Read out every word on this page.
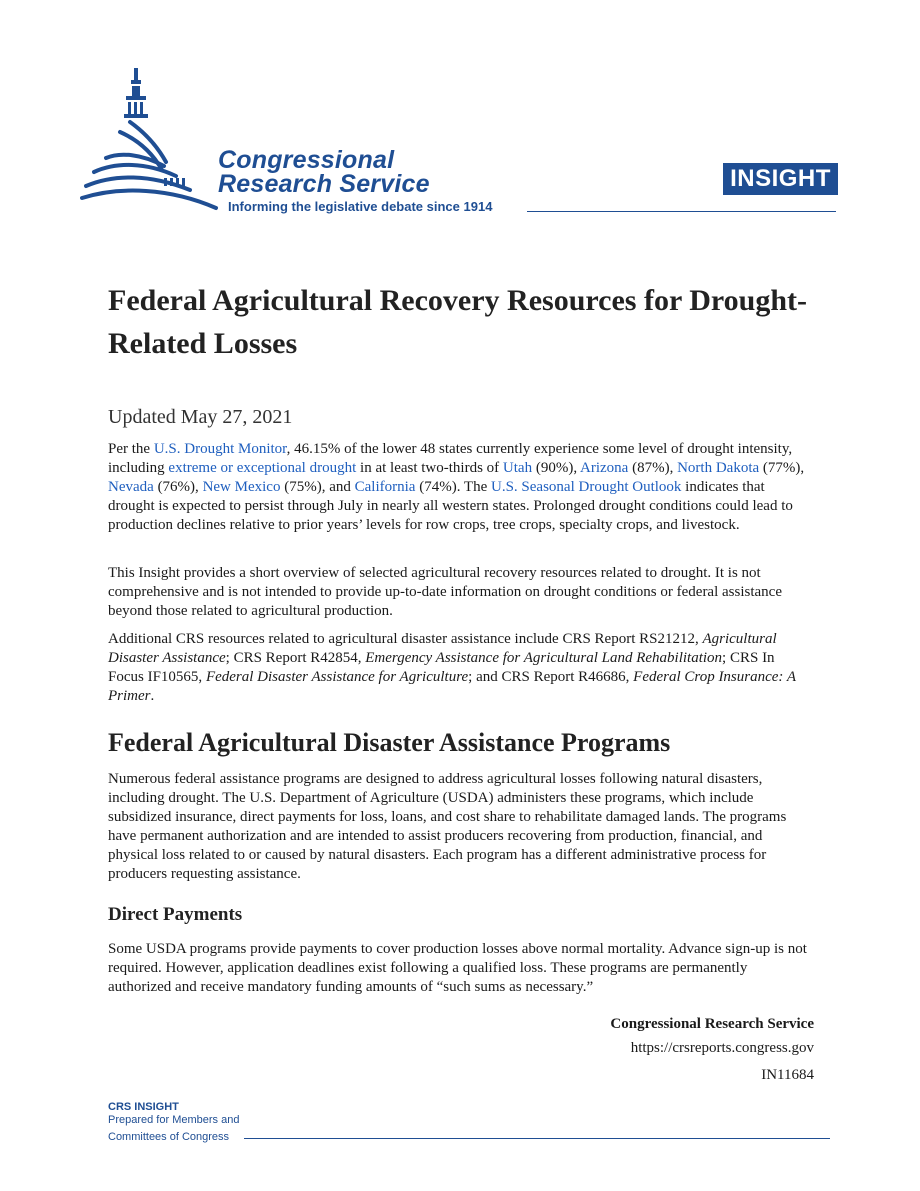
Congressional
Research Service
Informing the legislative debate since 1914
INSIGHT
Federal Agricultural Recovery Resources for Drought-Related Losses
Updated May 27, 2021

Per the U.S. Drought Monitor, 46.15% of the lower 48 states currently experience some level of drought intensity, including extreme or exceptional drought in at least two-thirds of Utah (90%), Arizona (87%), North Dakota (77%), Nevada (76%), New Mexico (75%), and California (74%). The U.S. Seasonal Drought Outlook indicates that drought is expected to persist through July in nearly all western states. Prolonged drought conditions could lead to production declines relative to prior years’ levels for row crops, tree crops, specialty crops, and livestock.

This Insight provides a short overview of selected agricultural recovery resources related to drought. It is not comprehensive and is not intended to provide up-to-date information on drought conditions or federal assistance beyond those related to agricultural production.

Additional CRS resources related to agricultural disaster assistance include CRS Report RS21212, Agricultural Disaster Assistance; CRS Report R42854, Emergency Assistance for Agricultural Land Rehabilitation; CRS In Focus IF10565, Federal Disaster Assistance for Agriculture; and CRS Report R46686, Federal Crop Insurance: A Primer.

Federal Agricultural Disaster Assistance Programs

Numerous federal assistance programs are designed to address agricultural losses following natural disasters, including drought. The U.S. Department of Agriculture (USDA) administers these programs, which include subsidized insurance, direct payments for loss, loans, and cost share to rehabilitate damaged lands. The programs have permanent authorization and are intended to assist producers recovering from production, financial, and physical loss related to or caused by natural disasters. Each program has a different administrative process for producers requesting assistance.

Direct Payments

Some USDA programs provide payments to cover production losses above normal mortality. Advance sign-up is not required. However, application deadlines exist following a qualified loss. These programs are permanently authorized and receive mandatory funding amounts of “such sums as necessary.”

Congressional Research Service
https://crsreports.congress.gov
IN11684
CRS INSIGHT
Prepared for Members and
Committees of Congress
